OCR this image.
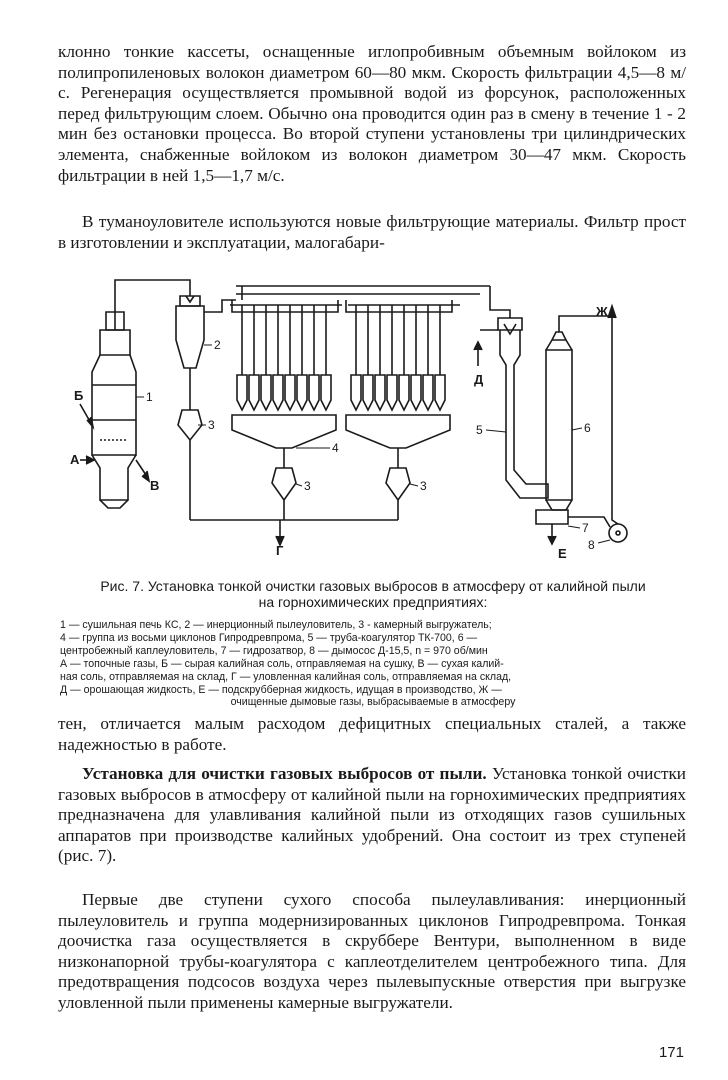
клонно тонкие кассеты, оснащенные иглопробивным объемным войлоком из полипропиленовых волокон диаметром 60—80 мкм. Скорость фильтрации 4,5—8 м/с. Регенерация осуществляется промывной водой из форсунок, расположенных перед фильтрующим слоем. Обычно она проводится один раз в смену в течение 1 - 2 мин без остановки процесса. Во второй ступени установлены три цилиндрических элемента, снабженные войлоком из волокон диаметром 30—47 мкм. Скорость фильтрации в ней 1,5—1,7 м/с.

В туманоуловителе используются новые фильтрующие материалы. Фильтр прост в изготовлении и эксплуатации, малогабари-

2
1
3
4
3	3
5	6
7
8
А
Б
В
Г
Д
Е
Ж

Рис. 7. Установка тонкой очистки газовых выбросов в атмосферу от калийной пыли
на горнохимических предприятиях:

1 — сушильная печь КС, 2 — инерционный пылеуловитель, 3 - камерный выгружатель;
4 — группа из восьми циклонов Гипродревпрома, 5 — труба-коагулятор ТК-700, 6 —
центробежный каплеуловитель, 7 — гидрозатвор, 8 — дымосос Д-15,5, n = 970 об/мин
А — топочные газы, Б — сырая калийная соль, отправляемая на сушку, В — сухая калий-
ная соль, отправляемая на склад, Г — уловленная калийная соль, отправляемая на склад,
Д — орошающая жидкость, Е — подскрубберная жидкость, идущая в производство, Ж —
очищенные дымовые газы, выбрасываемые в атмосферу

тен, отличается малым расходом дефицитных специальных сталей, а также надежностью в работе.

Установка для очистки газовых выбросов от пыли. Установка тонкой очистки газовых выбросов в атмосферу от калийной пыли на горнохимических предприятиях предназначена для улавливания калийной пыли из отходящих газов сушильных аппаратов при производстве калийных удобрений. Она состоит из трех ступеней (рис. 7).

Первые две ступени сухого способа пылеулавливания: инерционный пылеуловитель и группа модернизированных циклонов Гипродревпрома. Тонкая доочистка газа осуществляется в скруббере Вентури, выполненном в виде низконапорной трубы-коагулятора с каплеотделителем центробежного типа. Для предотвращения подсосов воздуха через пылевыпускные отверстия при выгрузке уловленной пыли применены камерные выгружатели.

171
